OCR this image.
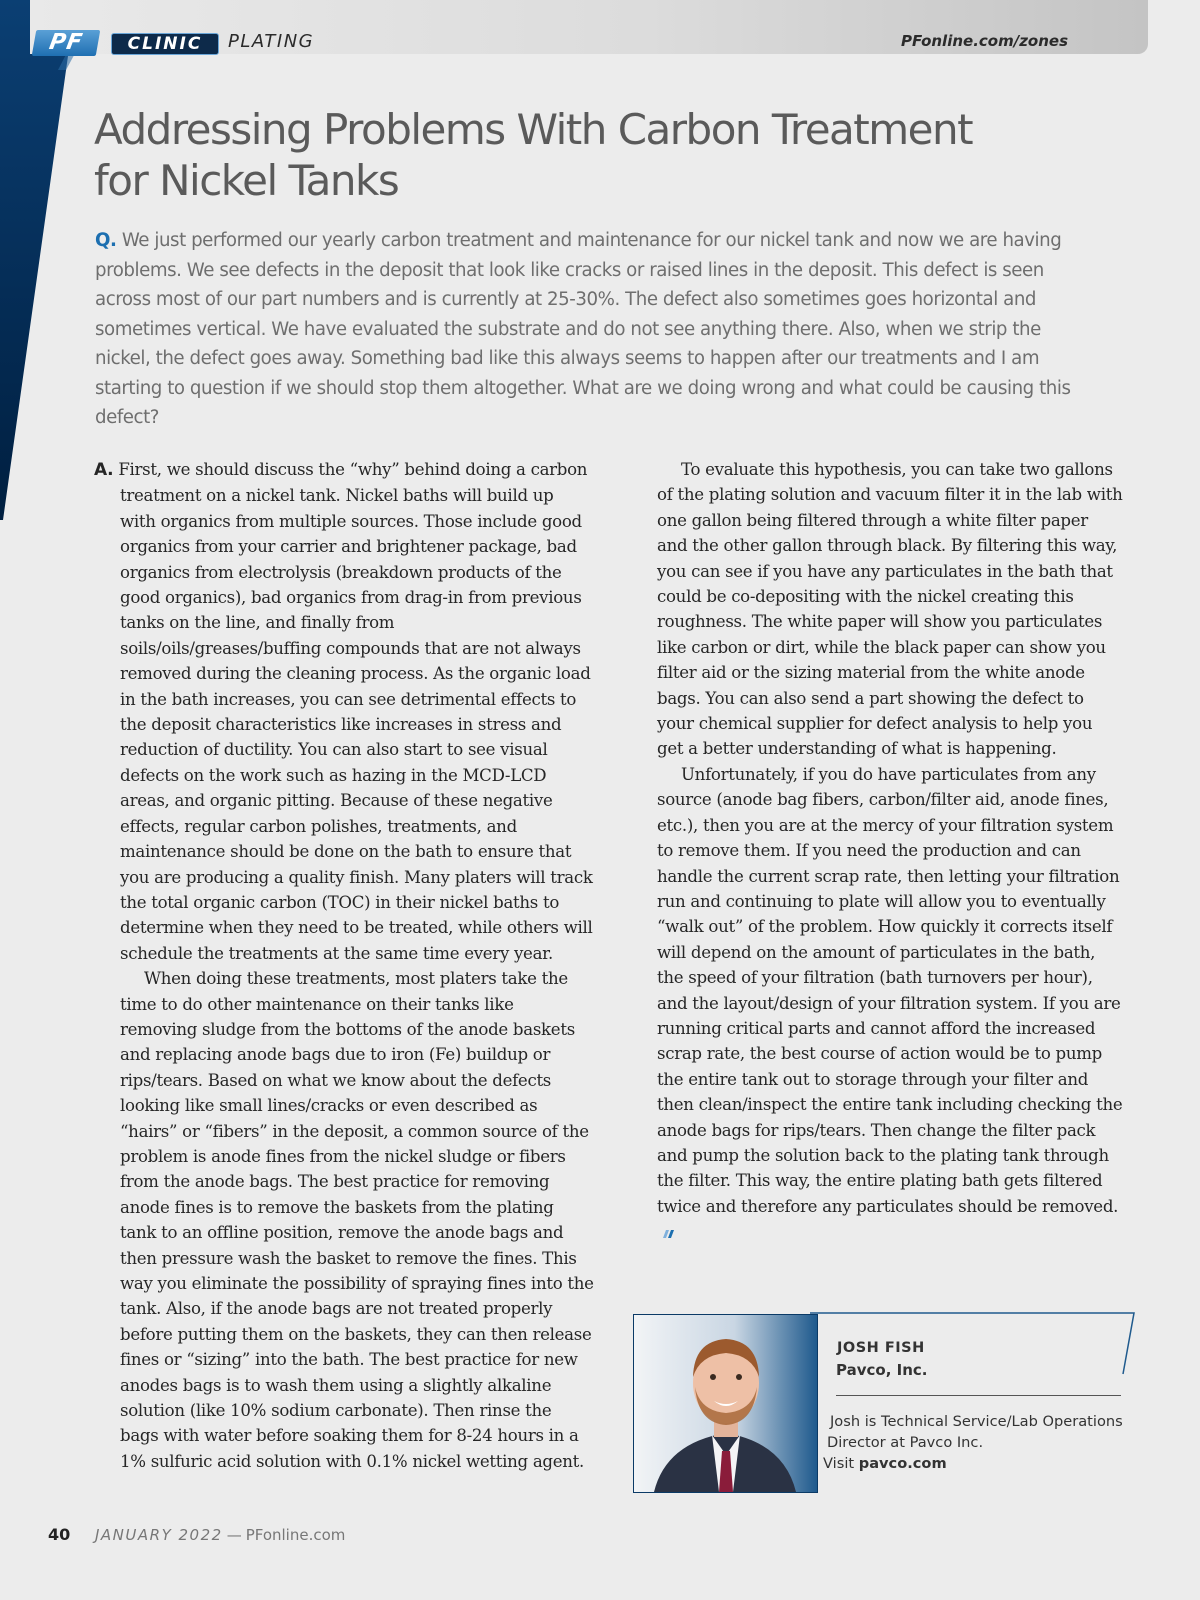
PF	CLINIC	PLATING	PFonline.com/zones
Addressing Problems With Carbon Treatment
for Nickel Tanks

Q. We just performed our yearly carbon treatment and maintenance for our nickel tank and now we are having problems. We see defects in the deposit that look like cracks or raised lines in the deposit. This defect is seen across most of our part numbers and is currently at 25-30%. The defect also sometimes goes horizontal and sometimes vertical. We have evaluated the substrate and do not see anything there. Also, when we strip the nickel, the defect goes away. Something bad like this always seems to happen after our treatments and I am starting to question if we should stop them altogether. What are we doing wrong and what could be causing this defect?

A. First, we should discuss the “why” behind doing a carbon treatment on a nickel tank. Nickel baths will build up with organics from multiple sources. Those include good organics from your carrier and brightener package, bad organics from electrolysis (breakdown products of the good organics), bad organics from drag-in from previous tanks on the line, and finally from soils/oils/greases/buffing compounds that are not always removed during the cleaning process. As the organic load in the bath increases, you can see detrimental effects to the deposit characteristics like increases in stress and reduction of ductility. You can also start to see visual defects on the work such as hazing in the MCD-LCD areas, and organic pitting. Because of these negative effects, regular carbon polishes, treatments, and maintenance should be done on the bath to ensure that you are producing a quality finish. Many platers will track the total organic carbon (TOC) in their nickel baths to determine when they need to be treated, while others will schedule the treatments at the same time every year.

When doing these treatments, most platers take the time to do other maintenance on their tanks like removing sludge from the bottoms of the anode baskets and replacing anode bags due to iron (Fe) buildup or rips/tears. Based on what we know about the defects looking like small lines/cracks or even described as “hairs” or “fibers” in the deposit, a common source of the problem is anode fines from the nickel sludge or fibers from the anode bags. The best practice for removing anode fines is to remove the baskets from the plating tank to an offline position, remove the anode bags and then pressure wash the basket to remove the fines. This way you eliminate the possibility of spraying fines into the tank. Also, if the anode bags are not treated properly before putting them on the baskets, they can then release fines or “sizing” into the bath. The best practice for new anodes bags is to wash them using a slightly alkaline solution (like 10% sodium carbonate). Then rinse the bags with water before soaking them for 8-24 hours in a 1% sulfuric acid solution with 0.1% nickel wetting agent.

To evaluate this hypothesis, you can take two gallons of the plating solution and vacuum filter it in the lab with one gallon being filtered through a white filter paper and the other gallon through black. By filtering this way, you can see if you have any particulates in the bath that could be co-depositing with the nickel creating this roughness. The white paper will show you particulates like carbon or dirt, while the black paper can show you filter aid or the sizing material from the white anode bags. You can also send a part showing the defect to your chemical supplier for defect analysis to help you get a better understanding of what is happening.

Unfortunately, if you do have particulates from any source (anode bag fibers, carbon/filter aid, anode fines, etc.), then you are at the mercy of your filtration system to remove them. If you need the production and can handle the current scrap rate, then letting your filtration run and continuing to plate will allow you to eventually “walk out” of the problem. How quickly it corrects itself will depend on the amount of particulates in the bath, the speed of your filtration (bath turnovers per hour), and the layout/design of your filtration system. If you are running critical parts and cannot afford the increased scrap rate, the best course of action would be to pump the entire tank out to storage through your filter and then clean/inspect the entire tank including checking the anode bags for rips/tears. Then change the filter pack and pump the solution back to the plating tank through the filter. This way, the entire plating bath gets filtered twice and therefore any particulates should be removed.

JOSH FISH
Pavco, Inc.

Josh is Technical Service/Lab Operations
Director at Pavco Inc.
Visit pavco.com

40 JANUARY 2022 — PFonline.com
